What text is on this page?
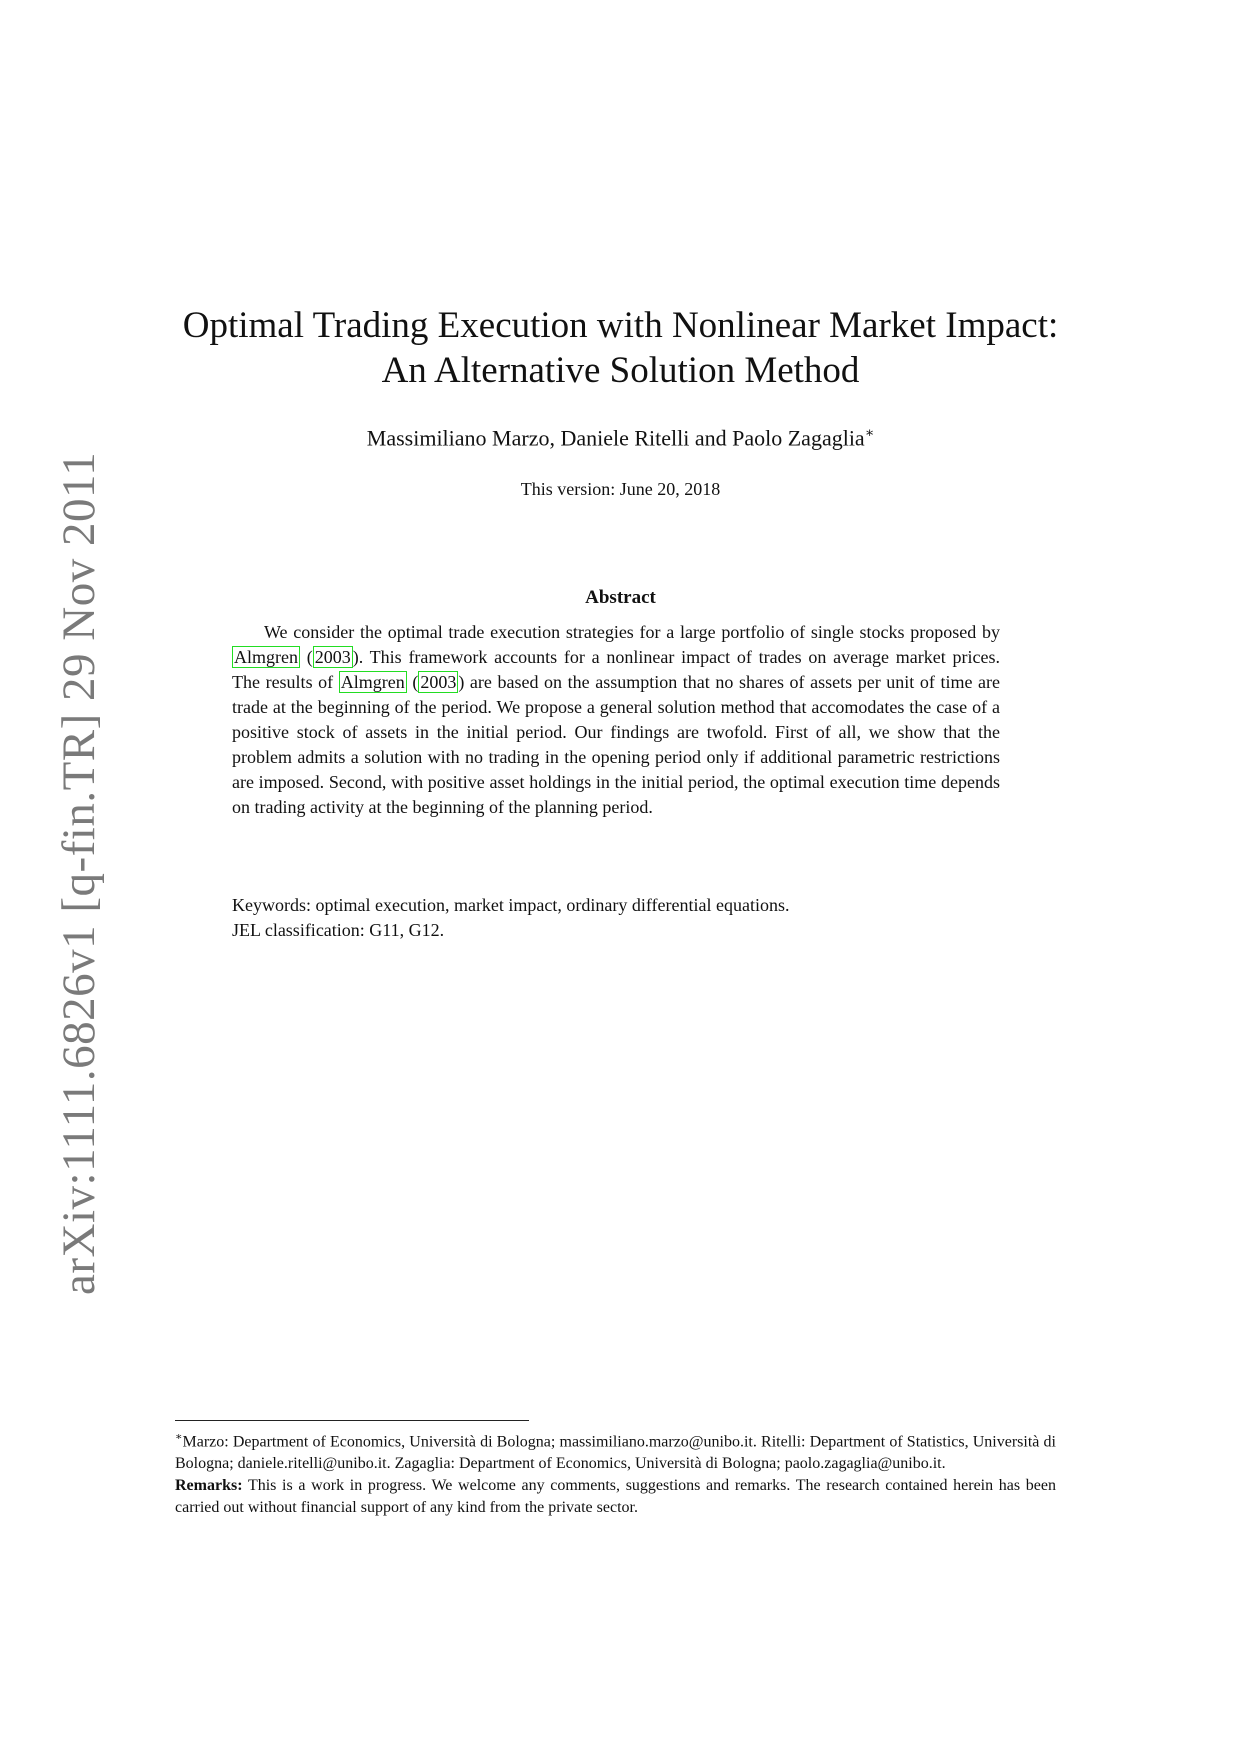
arXiv:1111.6826v1 [q-fin.TR] 29 Nov 2011
Optimal Trading Execution with Nonlinear Market Impact:
An Alternative Solution Method
Massimiliano Marzo, Daniele Ritelli and Paolo Zagaglia∗
This version: June 20, 2018
Abstract

We consider the optimal trade execution strategies for a large portfolio of single stocks proposed by Almgren ( 2003 ). This framework accounts for a nonlinear impact of trades on average market prices. The results of Almgren ( 2003 ) are based on the assumption that no shares of assets per unit of time are trade at the beginning of the period. We propose a general solution method that accomodates the case of a positive stock of assets in the initial period. Our findings are twofold. First of all, we show that the problem admits a solution with no trading in the opening period only if additional parametric restrictions are imposed. Second, with positive asset holdings in the initial period, the optimal execution time depends on trading activity at the beginning of the planning period.

Keywords: optimal execution, market impact, ordinary differential equations.
JEL classification: G11, G12.

∗Marzo: Department of Economics, Università di Bologna; massimiliano.marzo@unibo.it. Ritelli: Department of Statistics, Università di Bologna; daniele.ritelli@unibo.it. Zagaglia: Department of Economics, Università di Bologna; paolo.zagaglia@unibo.it.

Remarks: This is a work in progress. We welcome any comments, suggestions and remarks. The research contained herein has been carried out without financial support of any kind from the private sector.
